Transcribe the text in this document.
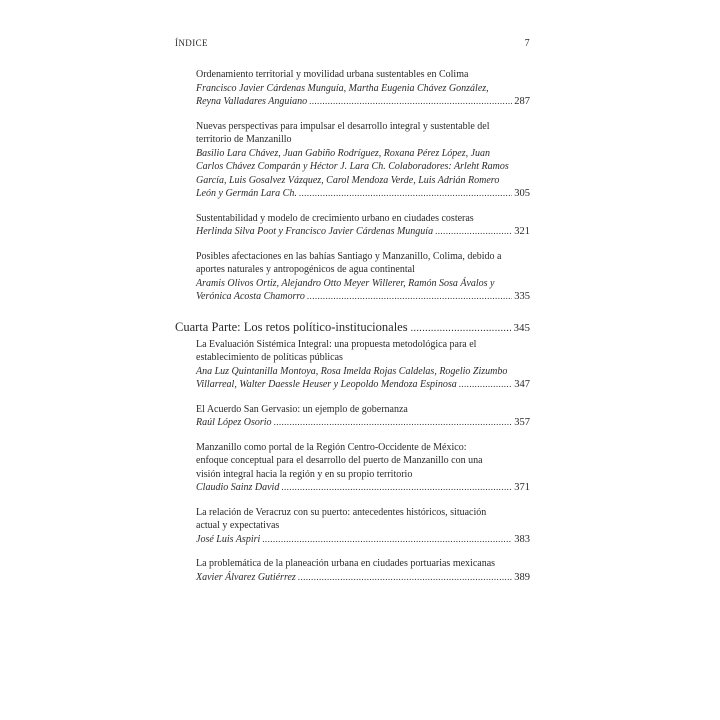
ÍNDICE	7
Ordenamiento territorial y movilidad urbana sustentables en Colima
Francisco Javier Cárdenas Munguía, Martha Eugenia Chávez González,
Reyna Valladares Anguiano .....	287
Nuevas perspectivas para impulsar el desarrollo integral y sustentable del
territorio de Manzanillo
Basilio Lara Chávez, Juan Gabiño Rodríguez, Roxana Pérez López, Juan
Carlos Chávez Comparán y Héctor J. Lara Ch. Colaboradores: Arleht Ramos
García, Luis Gosalvez Vázquez, Carol Mendoza Verde, Luis Adrián Romero
León y Germán Lara Ch. .....	305
Sustentabilidad y modelo de crecimiento urbano en ciudades costeras
Herlinda Silva Poot y Francisco Javier Cárdenas Munguía .....	321
Posibles afectaciones en las bahías Santiago y Manzanillo, Colima, debido a
aportes naturales y antropogénicos de agua continental
Aramis Olivos Ortiz, Alejandro Otto Meyer Willerer, Ramón Sosa Ávalos y
Verónica Acosta Chamorro .....	335
Cuarta Parte: Los retos político-institucionales .....	345
La Evaluación Sistémica Integral: una propuesta metodológica para el
establecimiento de políticas públicas
Ana Luz Quintanilla Montoya, Rosa Imelda Rojas Caldelas, Rogelio Zizumbo
Villarreal, Walter Daessle Heuser y Leopoldo Mendoza Espinosa .....	347
El Acuerdo San Gervasio: un ejemplo de gobernanza
Raúl López Osorio .....	357
Manzanillo como portal de la Región Centro-Occidente de México:
enfoque conceptual para el desarrollo del puerto de Manzanillo con una
visión integral hacia la región y en su propio territorio
Claudio Sainz David .....	371
La relación de Veracruz con su puerto: antecedentes históricos, situación
actual y expectativas
José Luis Aspiri .....	383
La problemática de la planeación urbana en ciudades portuarias mexicanas
Xavier Álvarez Gutiérrez .....	389
